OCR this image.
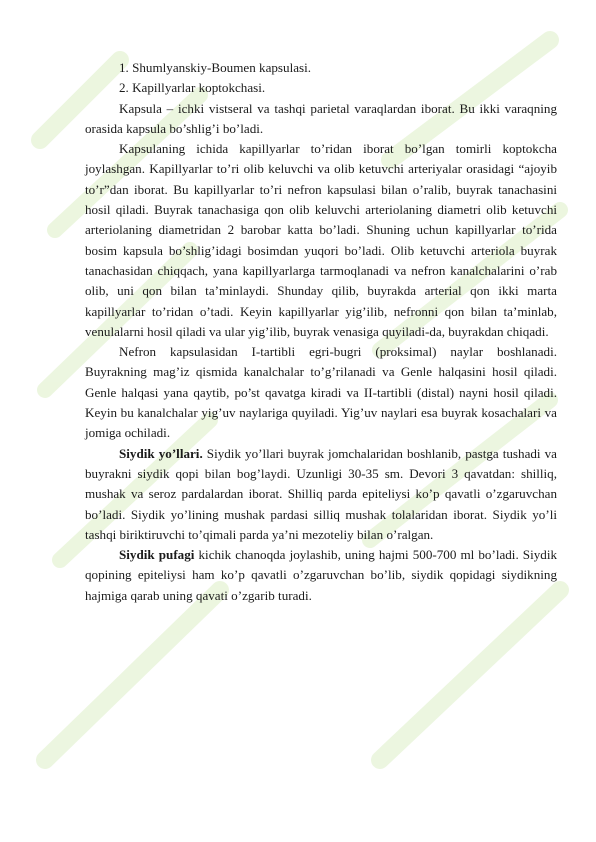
1. Shumlyanskiy-Boumen kapsulasi.

2. Kapillyarlar koptokchasi.

Kapsula – ichki vistseral va tashqi parietal varaqlardan iborat. Bu ikki varaqning orasida kapsula bo’shlig’i bo’ladi.

Kapsulaning ichida kapillyarlar to’ridan iborat bo’lgan tomirli koptokcha joylashgan. Kapillyarlar to’ri olib keluvchi va olib ketuvchi arteriyalar orasidagi “ajoyib to’r”dan iborat. Bu kapillyarlar to’ri nefron kapsulasi bilan o’ralib, buyrak tanachasini hosil qiladi. Buyrak tanachasiga qon olib keluvchi arteriolaning diametri olib ketuvchi arteriolaning diametridan 2 barobar katta bo’ladi. Shuning uchun kapillyarlar to’rida bosim kapsula bo’shlig’idagi bosimdan yuqori bo’ladi. Olib ketuvchi arteriola buyrak tanachasidan chiqqach, yana kapillyarlarga tarmoqlanadi va nefron kanalchalarini o’rab olib, uni qon bilan ta’minlaydi. Shunday qilib, buyrakda arterial qon ikki marta kapillyarlar to’ridan o’tadi. Keyin kapillyarlar yig’ilib, nefronni qon bilan ta’minlab, venulalarni hosil qiladi va ular yig’ilib, buyrak venasiga quyiladi-da, buyrakdan chiqadi.

Nefron kapsulasidan I-tartibli egri-bugri (proksimal) naylar boshlanadi. Buyrakning mag’iz qismida kanalchalar to’g’rilanadi va Genle halqasini hosil qiladi. Genle halqasi yana qaytib, po’st qavatga kiradi va II-tartibli (distal) nayni hosil qiladi. Keyin bu kanalchalar yig’uv naylariga quyiladi. Yig’uv naylari esa buyrak kosachalari va jomiga ochiladi.

Siydik yo’llari. Siydik yo’llari buyrak jomchalaridan boshlanib, pastga tushadi va buyrakni siydik qopi bilan bog’laydi. Uzunligi 30-35 sm. Devori 3 qavatdan: shilliq, mushak va seroz pardalardan iborat. Shilliq parda epiteliysi ko’p qavatli o’zgaruvchan bo’ladi. Siydik yo’lining mushak pardasi silliq mushak tolalaridan iborat. Siydik yo’li tashqi biriktiruvchi to’qimali parda ya’ni mezoteliy bilan o’ralgan.

Siydik pufagi kichik chanoqda joylashib, uning hajmi 500-700 ml bo’ladi. Siydik qopining epiteliysi ham ko’p qavatli o’zgaruvchan bo’lib, siydik qopidagi siydikning hajmiga qarab uning qavati o’zgarib turadi.
